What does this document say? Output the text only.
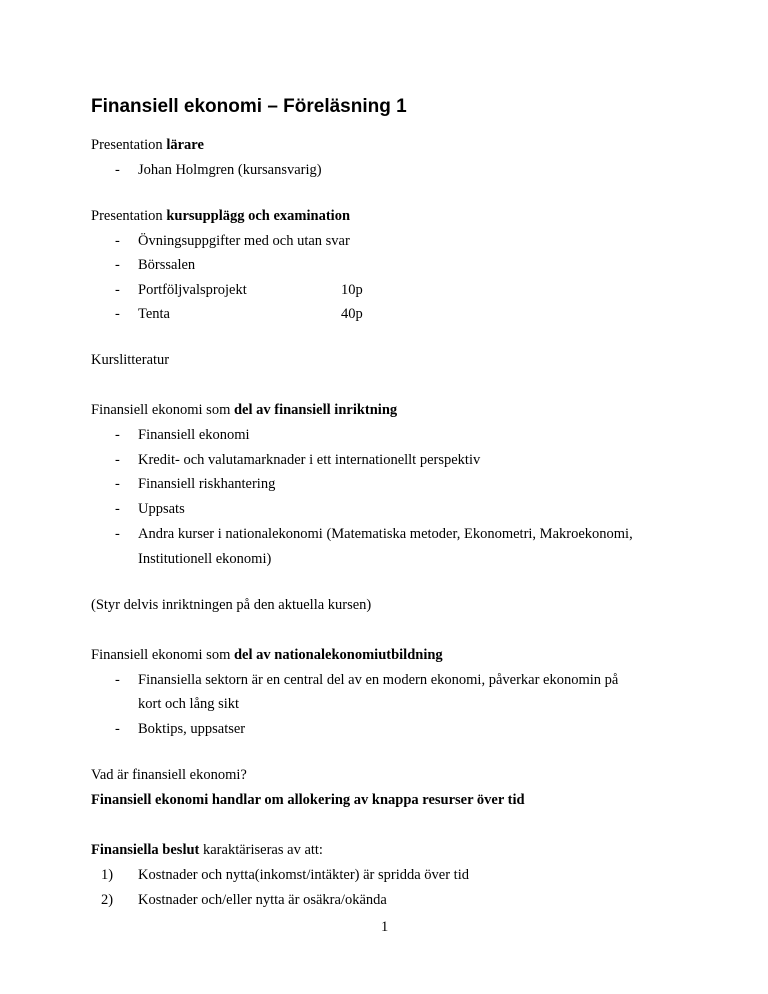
Finansiell ekonomi – Föreläsning 1
Presentation lärare
- Johan Holmgren (kursansvarig)
Presentation kursupplägg och examination
- Övningsuppgifter med och utan svar
- Börssalen
- Portföljvalsprojekt	10p
- Tenta	40p
Kurslitteratur
Finansiell ekonomi som del av finansiell inriktning
- Finansiell ekonomi
- Kredit- och valutamarknader i ett internationellt perspektiv
- Finansiell riskhantering
- Uppsats
- Andra kurser i nationalekonomi (Matematiska metoder, Ekonometri, Makroekonomi,
Institutionell ekonomi)
(Styr delvis inriktningen på den aktuella kursen)
Finansiell ekonomi som del av nationalekonomiutbildning
- Finansiella sektorn är en central del av en modern ekonomi, påverkar ekonomin på
kort och lång sikt
- Boktips, uppsatser
Vad är finansiell ekonomi?
Finansiell ekonomi handlar om allokering av knappa resurser över tid
Finansiella beslut karaktäriseras av att:
1) Kostnader och nytta(inkomst/intäkter) är spridda över tid
2) Kostnader och/eller nytta är osäkra/okända
1
